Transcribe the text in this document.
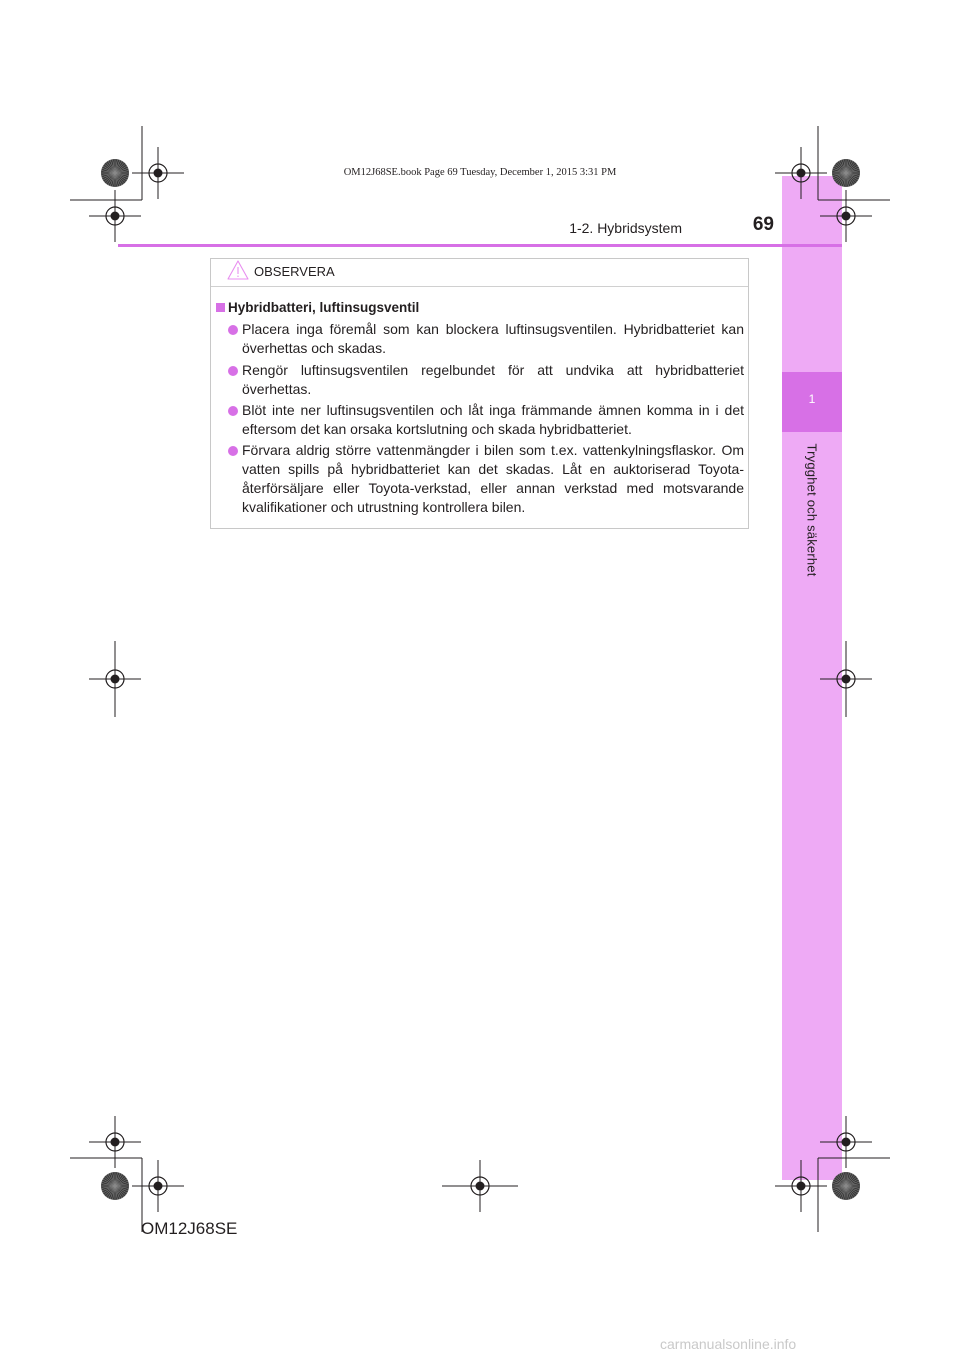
1
Trygghet och säkerhet
OM12J68SE.book Page 69 Tuesday, December 1, 2015 3:31 PM
1-2. Hybridsystem	69
OBSERVERA
Hybridbatteri, luftinsugsventil
Placera inga föremål som kan blockera luftinsugsventilen. Hybridbatteriet kan överhettas och skadas.
Rengör luftinsugsventilen regelbundet för att undvika att hybridbatteriet överhettas.
Blöt inte ner luftinsugsventilen och låt inga främmande ämnen komma in i det eftersom det kan orsaka kortslutning och skada hybridbatteriet.
Förvara aldrig större vattenmängder i bilen som t.ex. vattenkylningsflaskor. Om vatten spills på hybridbatteriet kan det skadas. Låt en auktoriserad Toyota-återförsäljare eller Toyota-verkstad, eller annan verkstad med motsvarande kvalifikationer och utrustning kontrollera bilen.
OM12J68SE
carmanualsonline.info
